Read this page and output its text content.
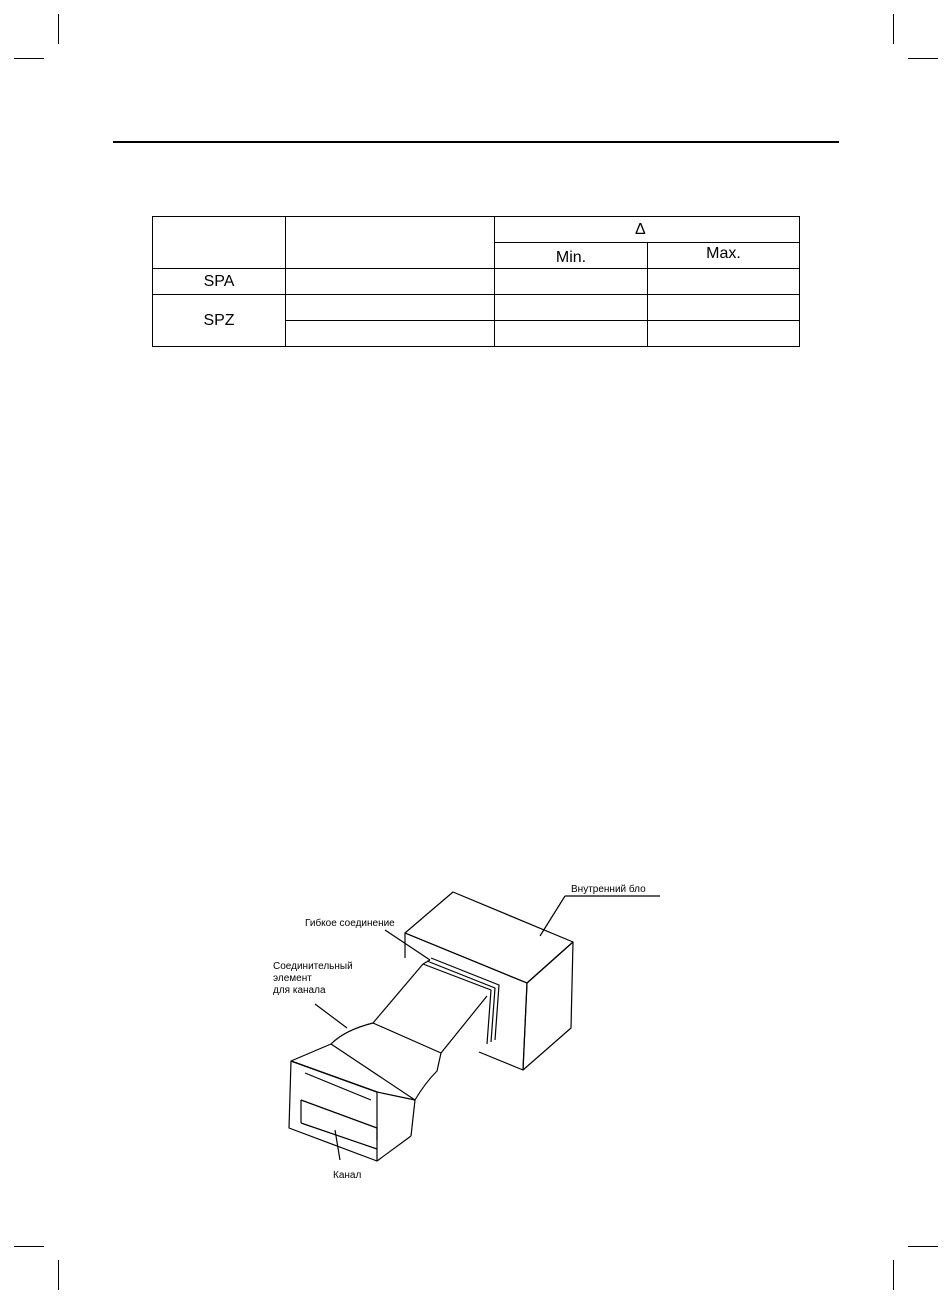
		Δ	
		Min.	Max.
SPA			
SPZ			

Внутренний бло
Гибкое соединение
Соединительный
элемент
для канала
Канал
